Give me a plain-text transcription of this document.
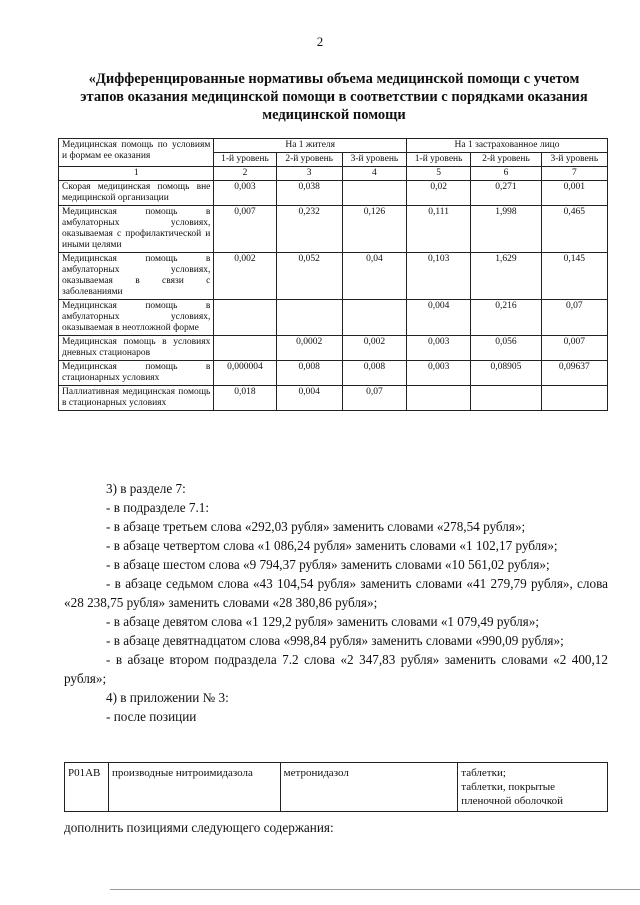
2
«Дифференцированные нормативы объема медицинской помощи с учетом этапов оказания медицинской помощи в соответствии с порядками оказания медицинской помощи
Медицинская помощь по условиям и формам ее оказания	На 1 жителя			На 1 застрахованное лицо		
	1-й уровень	2-й уровень	3-й уровень	1-й уровень	2-й уровень	3-й уровень
1	2	3	4	5	6	7
Скорая медицинская помощь вне медицинской организации	0,003	0,038		0,02	0,271	0,001
Медицинская помощь в амбулаторных условиях, оказываемая с профилактической и иными целями	0,007	0,232	0,126	0,111	1,998	0,465
Медицинская помощь в амбулаторных условиях, оказываемая в связи с заболеваниями	0,002	0,052	0,04	0,103	1,629	0,145
Медицинская помощь в амбулаторных условиях, оказываемая в неотложной форме				0,004	0,216	0,07
Медицинская помощь в условиях дневных стационаров		0,0002	0,002	0,003	0,056	0,007
Медицинская помощь в стационарных условиях	0,000004	0,008	0,008	0,003	0,08905	0,09637
Паллиативная медицинская помощь в стационарных условиях	0,018	0,004	0,07			

3) в разделе 7:

- в подразделе 7.1:

- в абзаце третьем слова «292,03 рубля» заменить словами «278,54 рубля»;

- в абзаце четвертом слова «1 086,24 рубля» заменить словами «1 102,17 рубля»;

- в абзаце шестом слова «9 794,37 рубля» заменить словами «10 561,02 рубля»;

- в абзаце седьмом слова «43 104,54 рубля» заменить словами «41 279,79 рубля», слова «28 238,75 рубля» заменить словами «28 380,86 рубля»;

- в абзаце девятом слова «1 129,2 рубля» заменить словами «1 079,49 рубля»;

- в абзаце девятнадцатом слова «998,84 рубля» заменить словами «990,09 рубля»;

- в абзаце втором подраздела 7.2 слова «2 347,83 рубля» заменить словами «2 400,12 рубля»;

4) в приложении № 3:

- после позиции

P01AB	производные нитроимидазола	метронидазол	таблетки;
таблетки, покрытые пленочной оболочкой
дополнить позициями следующего содержания:
